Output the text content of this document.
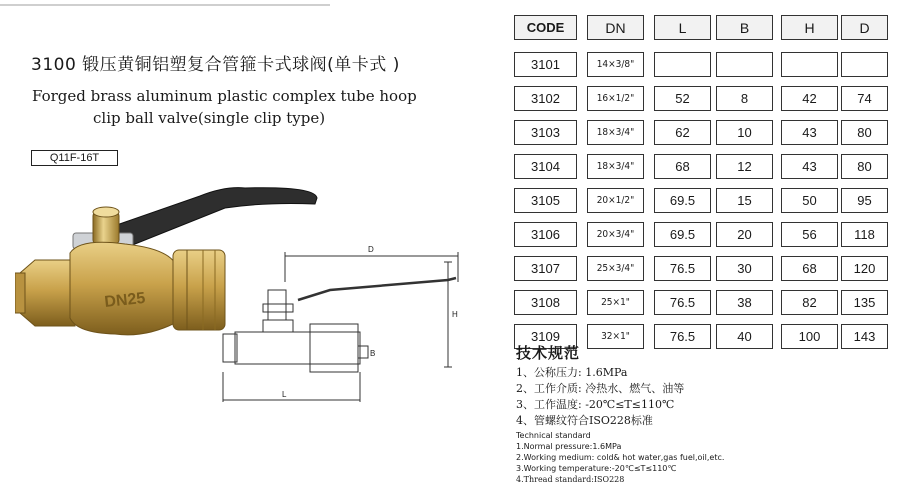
3100 锻压黄铜铝塑复合管箍卡式球阀(单卡式 )
Forged brass aluminum plastic complex tube hoop
clip ball valve(single clip type)
Q11F-16T
DN25
D
H
B
L
CODE	DN	L	B	H	D
3101	14×3/8"
3102	16×1/2"	52	8	42	74
3103	18×3/4"	62	10	43	80
3104	18×3/4"	68	12	43	80
3105	20×1/2"	69.5	15	50	95
3106	20×3/4"	69.5	20	56	118
3107	25×3/4"	76.5	30	68	120
3108	25×1"	76.5	38	82	135
3109	32×1"	76.5	40	100	143
技术规范
1、公称压力: 1.6MPa
2、工作介质: 冷热水、燃气、油等
3、工作温度: -20℃≤T≤110℃
4、管螺纹符合ISO228标准
Technical standard
1.Normal pressure:1.6MPa
2.Working medium: cold& hot water,gas fuel,oil,etc.
3.Working temperature:-20℃≤T≤110℃
4.Thread standard:ISO228
